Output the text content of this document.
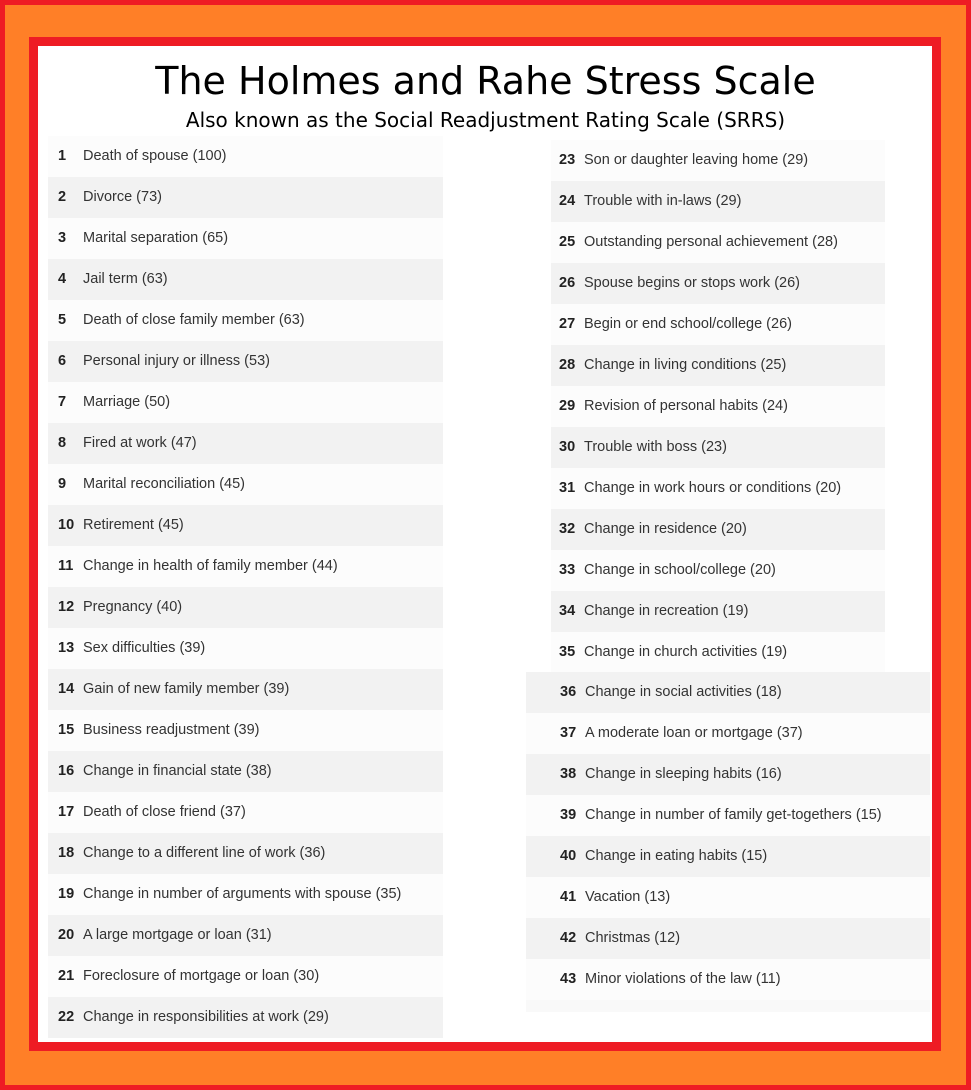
The Holmes and Rahe Stress Scale
Also known as the Social Readjustment Rating Scale (SRRS)
1 Death of spouse (100)
2 Divorce (73)
3 Marital separation (65)
4 Jail term (63)
5 Death of close family member (63)
6 Personal injury or illness (53)
7 Marriage (50)
8 Fired at work (47)
9 Marital reconciliation (45)
10 Retirement (45)
11 Change in health of family member (44)
12 Pregnancy (40)
13 Sex difficulties (39)
14 Gain of new family member (39)
15 Business readjustment (39)
16 Change in financial state (38)
17 Death of close friend (37)
18 Change to a different line of work (36)
19 Change in number of arguments with spouse (35)
20 A large mortgage or loan (31)
21 Foreclosure of mortgage or loan (30)
22 Change in responsibilities at work (29)
23 Son or daughter leaving home (29)
24 Trouble with in-laws (29)
25 Outstanding personal achievement (28)
26 Spouse begins or stops work (26)
27 Begin or end school/college (26)
28 Change in living conditions (25)
29 Revision of personal habits (24)
30 Trouble with boss (23)
31 Change in work hours or conditions (20)
32 Change in residence (20)
33 Change in school/college (20)
34 Change in recreation (19)
35 Change in church activities (19)
36 Change in social activities (18)
37 A moderate loan or mortgage (37)
38 Change in sleeping habits (16)
39 Change in number of family get-togethers (15)
40 Change in eating habits (15)
41 Vacation (13)
42 Christmas (12)
43 Minor violations of the law (11)
